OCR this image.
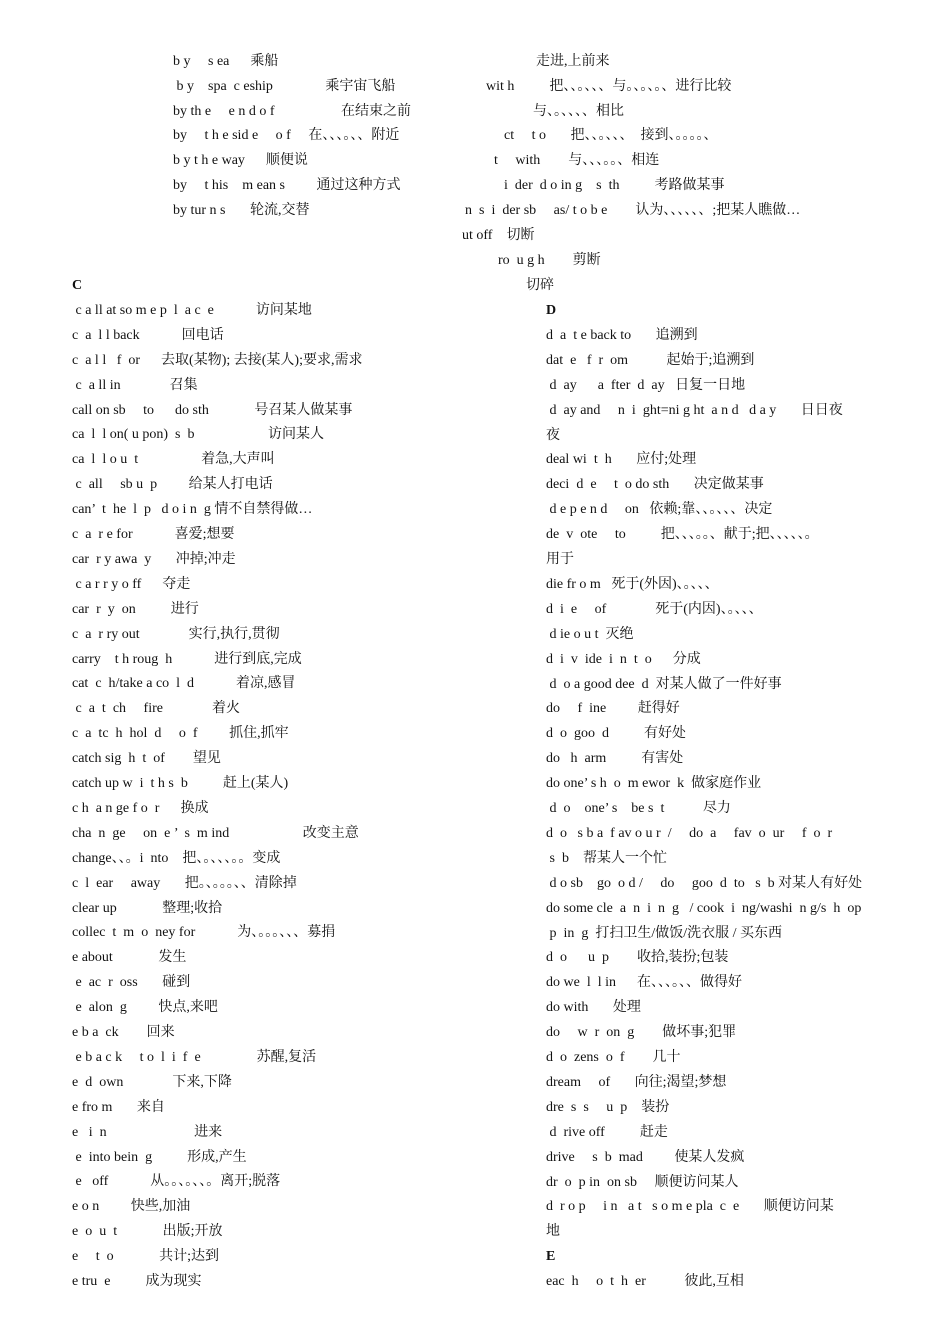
b y     s ea      乘船
b y    spa  c eship               乘宇宙飞船
by th e     e n d o f                   在结束之前
by     t h e sid e     o f     在、、、。、、附近
b y t h e way      顺便说
by     t his    m ean s         通过这种方式
by tur n s       轮流,交替
走进,上前来
wit h          把、、。、、、与。、。、。、进行比较
与、。、、、、相比
ct     t o       把、、。、、、  接到、。。。。、
t     with        与、、、。。、相连
i  der  d o in g    s  th          考路做某事
n  s  i  der sb     as/ t o b e        认为、、、、、、;把某人瞧做…
ut off    切断
ro  u g h        剪断
切碎
C
c a ll at so m e p  l  a c  e            访问某地
c  a  l l back            回电话
c  a l l   f  or      去取(某物); 去接(某人);要求,需求
c  a ll in              召集
call on sb     to      do sth             号召某人做某事
ca  l  l on( u pon)  s  b                     访问某人
ca  l  l o u  t                  着急,大声叫
c  all     sb u  p         给某人打电话
can’  t  he  l  p   d o i n  g 情不自禁得做…
c  a  r e for            喜爱;想要
car  r y awa  y       冲掉;冲走
c a r r y o ff      夺走
car  r  y  on          进行
c  a  r ry out              实行,执行,贯彻
carry    t h roug  h            进行到底,完成
cat  c  h/take a co  l  d            着凉,感冒
c  a  t  ch     fire              着火
c  a  tc  h  hol  d     o  f         抓住,抓牢
catch sig  h  t  of        望见
catch up w  i  t h s  b          赶上(某人)
c h  a n ge f o  r      换成
cha  n  ge     on  e ’  s  m ind                     改变主意
change、、。i  nto    把、。、、、。。变成
c  l  ear     away       把。、。。。、、清除掉
clear up             整理;收拾
collec  t  m  o  ney for            为、。。。、、、募捐
e about             发生
e  ac  r  oss       碰到
e  alon  g         快点,来吧
e b a  ck        回来
e b a c k     t o  l  i  f  e                苏醒,复活
e  d  own              下来,下降
e fro m       来自
e   i  n                         进来
e  into bein  g          形成,产生
e   off            从。。、。、、。离开;脱落
e o n         快些,加油
e  o  u  t             出版;开放
e     t  o             共计;达到
e tru  e          成为现实
D
d  a  t e back to       追溯到
dat  e   f  r  om           起始于;追溯到
d  ay      a  fter  d  ay   日复一日地
d  ay and     n  i  ght=ni g ht  a n d   d a y       日日夜
夜
deal wi  t  h       应付;处理
deci  d  e     t  o do sth       决定做某事
d e p e n d     on   依赖;靠、、。、、、决定
de  v  ote     to          把、、、。。、献于;把、、、、、。
用于
die fr o m   死于(外因)、。、、、
d  i  e     of              死于(内因)、。、、、
d ie o u t  灭绝
d  i  v  ide  i  n  t  o      分成
d  o a good dee  d  对某人做了一件好事
do     f  ine         赶得好
d  o  goo  d          有好处
do   h  arm          有害处
do one’ s h  o  m ewor  k  做家庭作业
d  o    one’ s    be s  t           尽力
d  o   s b a  f av o u r  /     do  a     fav  o  ur     f  o  r
s  b    帮某人一个忙
d o sb    go  o d /     do     goo  d  to   s  b 对某人有好处
do some cle  a  n  i  n  g   / cook  i  ng/washi  n g/s  h  op
p  in  g  打扫卫生/做饭/洗衣服 / 买东西
d  o      u  p        收拾,装扮;包装
do we  l  l in      在、、、。、、做得好
do with       处理
do     w  r  on  g        做坏事;犯罪
d  o  zens  o  f        几十
dream     of       向往;渴望;梦想
dre  s  s     u  p    装扮
d  rive off          赶走
drive     s  b  mad         使某人发疯
dr  o  p in  on sb     顺便访问某人
d  r o p     i n   a t   s o m e pla  c  e       顺便访问某
地
E
eac  h     o  t  h  er           彼此,互相
